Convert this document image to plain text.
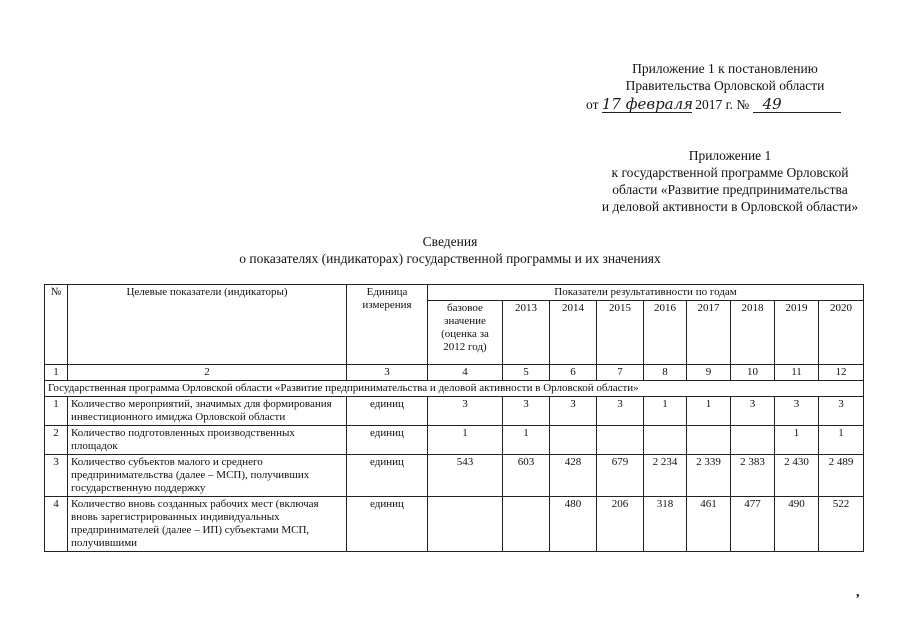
Приложение 1 к постановлению
Правительства Орловской области
от 17 февраля 2017 г. № 49
Приложение 1
к государственной программе Орловской
области «Развитие предпринимательства
и деловой активности в Орловской области»
Сведения
о показателях (индикаторах) государственной программы и их значениях
№	Целевые показатели (индикаторы)	Единица измерения	Показатели результативности по годам								
			базовое значение (оценка за 2012 год)	2013	2014	2015	2016	2017	2018	2019	2020
1	2	3	4	5	6	7	8	9	10	11	12
Государственная программа Орловской области «Развитие предпринимательства и деловой активности в Орловской области»											
1	Количество мероприятий, значимых для формирования инвестиционного имиджа Орловской области	единиц	3	3	3	3	1	1	3	3	3
2	Количество подготовленных производственных площадок	единиц	1	1						1	1
3	Количество субъектов малого и среднего предпринимательства (далее – МСП), получивших государственную поддержку	единиц	543	603	428	679	2 234	2 339	2 383	2 430	2 489
4	Количество вновь созданных рабочих мест (включая вновь зарегистрированных индивидуальных предпринимателей (далее – ИП) субъектами МСП, получившими	единиц			480	206	318	461	477	490	522
,
